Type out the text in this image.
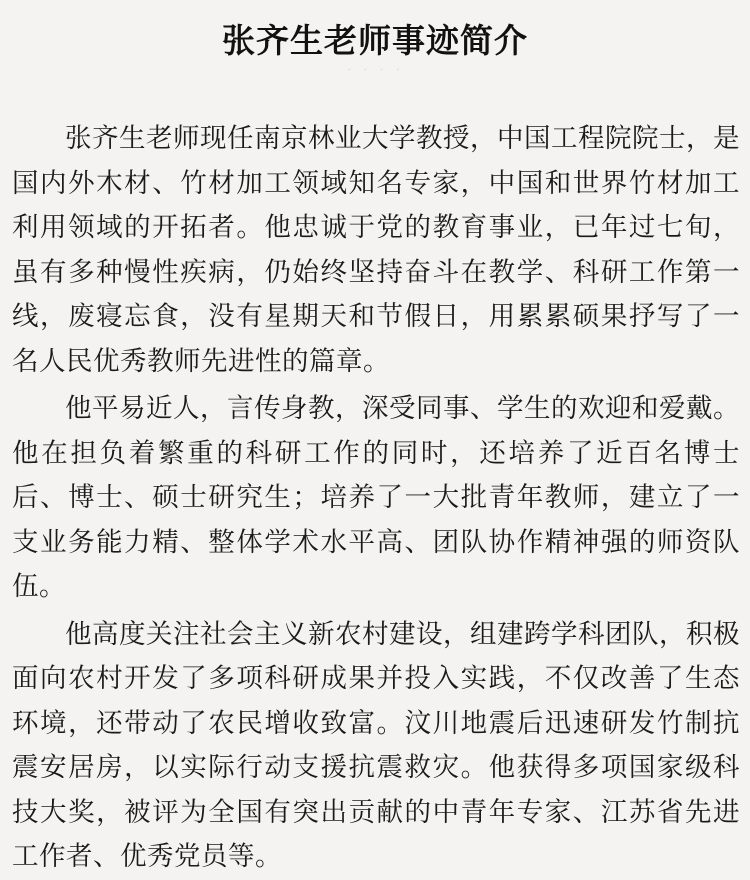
张齐生老师事迹简介
· · · ·

张齐生老师现任南京林业大学教授，中国工程院院士，是国内外木材、竹材加工领域知名专家，中国和世界竹材加工利用领域的开拓者。他忠诚于党的教育事业，已年过七旬，虽有多种慢性疾病，仍始终坚持奋斗在教学、科研工作第一线，废寝忘食，没有星期天和节假日，用累累硕果抒写了一名人民优秀教师先进性的篇章。

他平易近人，言传身教，深受同事、学生的欢迎和爱戴。他在担负着繁重的科研工作的同时，还培养了近百名博士后、博士、硕士研究生；培养了一大批青年教师，建立了一支业务能力精、整体学术水平高、团队协作精神强的师资队伍。

他高度关注社会主义新农村建设，组建跨学科团队，积极面向农村开发了多项科研成果并投入实践，不仅改善了生态环境，还带动了农民增收致富。汶川地震后迅速研发竹制抗震安居房，以实际行动支援抗震救灾。他获得多项国家级科技大奖，被评为全国有突出贡献的中青年专家、江苏省先进工作者、优秀党员等。
